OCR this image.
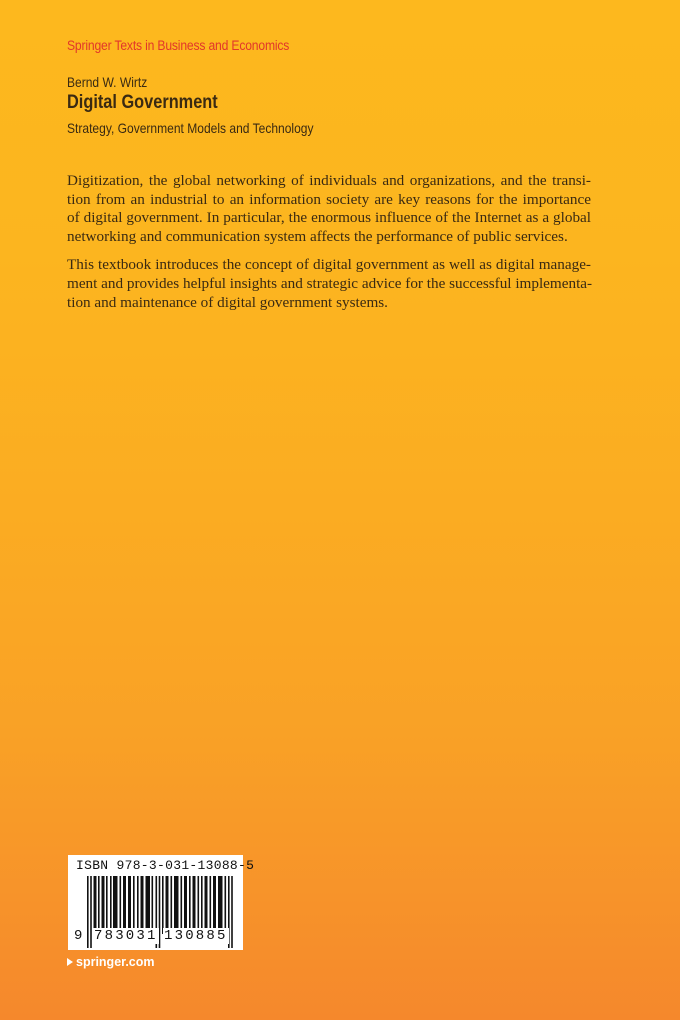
Springer Texts in Business and Economics
Bernd W. Wirtz
Digital Government
Strategy, Government Models and Technology

Digitization, the global networking of individuals and organizations, and the transi-
tion from an industrial to an information society are key reasons for the importance
of digital government. In particular, the enormous influence of the Internet as a global
networking and communication system affects the performance of public services.

This textbook introduces the concept of digital government as well as digital manage-
ment and provides helpful insights and strategic advice for the successful implementa-
tion and maintenance of digital government systems.

ISBN 978-3-031-13088-5
9 783031 130885
springer.com
